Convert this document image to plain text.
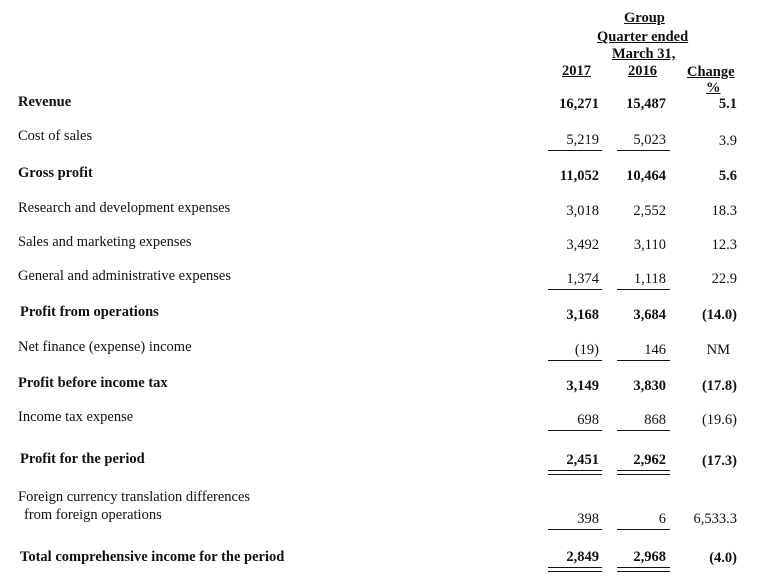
Group
Quarter ended
March 31,
2017	2016 Change
%
Revenue	16,271 15,487	5.1
Cost of sales	5,219 5,023	3.9
Gross profit	11,052 10,464	5.6
Research and development expenses	3,018 2,552	18.3
Sales and marketing expenses	3,492 3,110	12.3
General and administrative expenses	1,374 1,118	22.9
Profit from operations	3,168 3,684 (14.0)
Net finance (expense) income	(19)	146	NM
Profit before income tax	3,149 3,830 (17.8)
Income tax expense	698	868 (19.6)
Profit for the period	2,451 2,962 (17.3)
Foreign currency translation differences
from foreign operations	398	6 6,533.3
Total comprehensive income for the period	2,849 2,968	(4.0)
